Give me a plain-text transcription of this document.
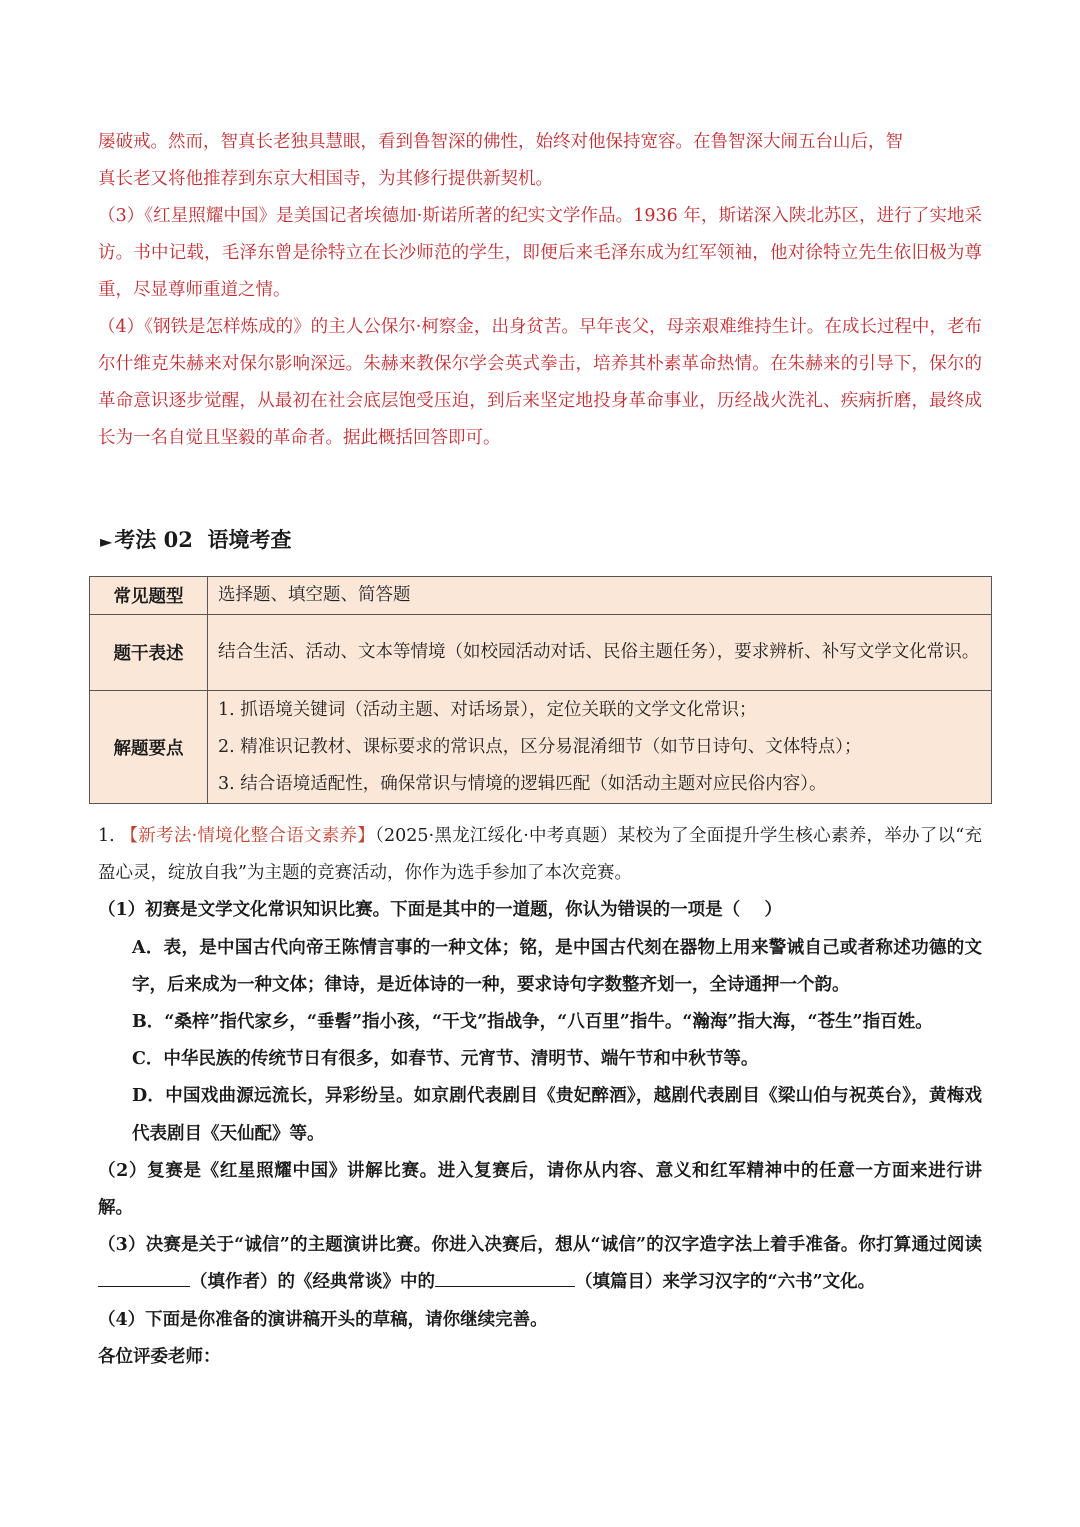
屡破戒。然而，智真长老独具慧眼，看到鲁智深的佛性，始终对他保持宽容。在鲁智深大闹五台山后，智

真长老又将他推荐到东京大相国寺，为其修行提供新契机。

（3）《红星照耀中国》是美国记者埃德加·斯诺所著的纪实文学作品。1936 年，斯诺深入陕北苏区，进行了实地采访。书中记载，毛泽东曾是徐特立在长沙师范的学生，即便后来毛泽东成为红军领袖，他对徐特立先生依旧极为尊重，尽显尊师重道之情。

（4）《钢铁是怎样炼成的》的主人公保尔·柯察金，出身贫苦。早年丧父，母亲艰难维持生计。在成长过程中，老布尔什维克朱赫来对保尔影响深远。朱赫来教保尔学会英式拳击，培养其朴素革命热情。在朱赫来的引导下，保尔的革命意识逐步觉醒，从最初在社会底层饱受压迫，到后来坚定地投身革命事业，历经战火洗礼、疾病折磨，最终成长为一名自觉且坚毅的革命者。据此概括回答即可。

►考法 02  语境考查
常见题型	选择题、填空题、简答题

题干表述	结合生活、活动、文本等情境（如校园活动对话、民俗主题任务），要求辨析、补写文学文化常识。

解题要点	1. 抓语境关键词（活动主题、对话场景），定位关联的文学文化常识；
2. 精准识记教材、课标要求的常识点，区分易混淆细节（如节日诗句、文体特点）；
3. 结合语境适配性，确保常识与情境的逻辑匹配（如活动主题对应民俗内容）。

1. 【新考法·情境化整合语文素养】（2025·黑龙江绥化·中考真题）某校为了全面提升学生核心素养，举办了以“充盈心灵，绽放自我”为主题的竞赛活动，你作为选手参加了本次竞赛。

（1）初赛是文学文化常识知识比赛。下面是其中的一道题，你认为错误的一项是（    ）

A．表，是中国古代向帝王陈情言事的一种文体；铭，是中国古代刻在器物上用来警诫自己或者称述功德的文字，后来成为一种文体；律诗，是近体诗的一种，要求诗句字数整齐划一，全诗通押一个韵。

B．“桑梓”指代家乡，“垂髫”指小孩，“干戈”指战争，“八百里”指牛。“瀚海”指大海，“苍生”指百姓。

C．中华民族的传统节日有很多，如春节、元宵节、清明节、端午节和中秋节等。

D．中国戏曲源远流长，异彩纷呈。如京剧代表剧目《贵妃醉酒》，越剧代表剧目《梁山伯与祝英台》，黄梅戏代表剧目《天仙配》等。

（2）复赛是《红星照耀中国》讲解比赛。进入复赛后，请你从内容、意义和红军精神中的任意一方面来进行讲解。

（3）决赛是关于“诚信”的主题演讲比赛。你进入决赛后，想从“诚信”的汉字造字法上着手准备。你打算通过阅读（填作者）的《经典常谈》中的	（填篇目）来学习汉字的“六书”文化。

（4）下面是你准备的演讲稿开头的草稿，请你继续完善。

各位评委老师：
